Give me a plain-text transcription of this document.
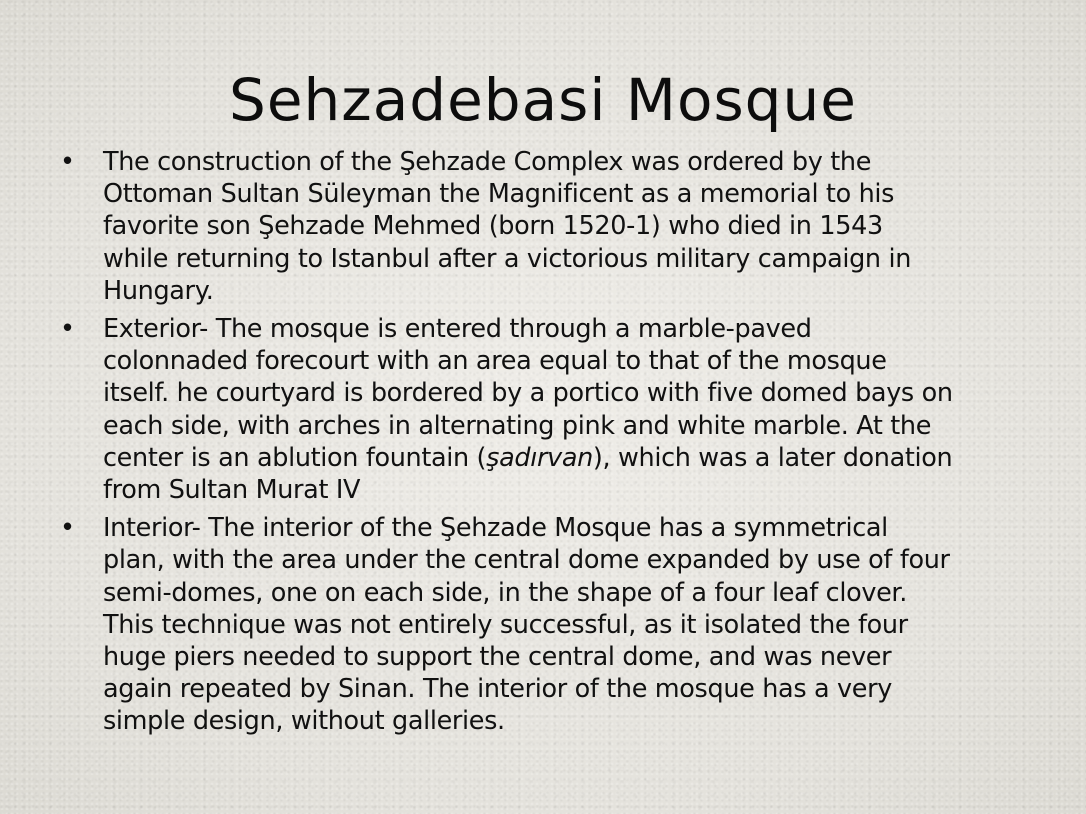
Sehzadebasi Mosque
• The construction of the Şehzade Complex was ordered by the
Ottoman Sultan Süleyman the Magnificent as a memorial to his
favorite son Şehzade Mehmed (born 1520-1) who died in 1543
while returning to Istanbul after a victorious military campaign in
Hungary.
• Exterior- The mosque is entered through a marble-paved
colonnaded forecourt with an area equal to that of the mosque
itself. he courtyard is bordered by a portico with five domed bays on
each side, with arches in alternating pink and white marble. At the
center is an ablution fountain (şadırvan), which was a later donation
from Sultan Murat IV
• Interior- The interior of the Şehzade Mosque has a symmetrical
plan, with the area under the central dome expanded by use of four
semi-domes, one on each side, in the shape of a four leaf clover.
This technique was not entirely successful, as it isolated the four
huge piers needed to support the central dome, and was never
again repeated by Sinan. The interior of the mosque has a very
simple design, without galleries.
